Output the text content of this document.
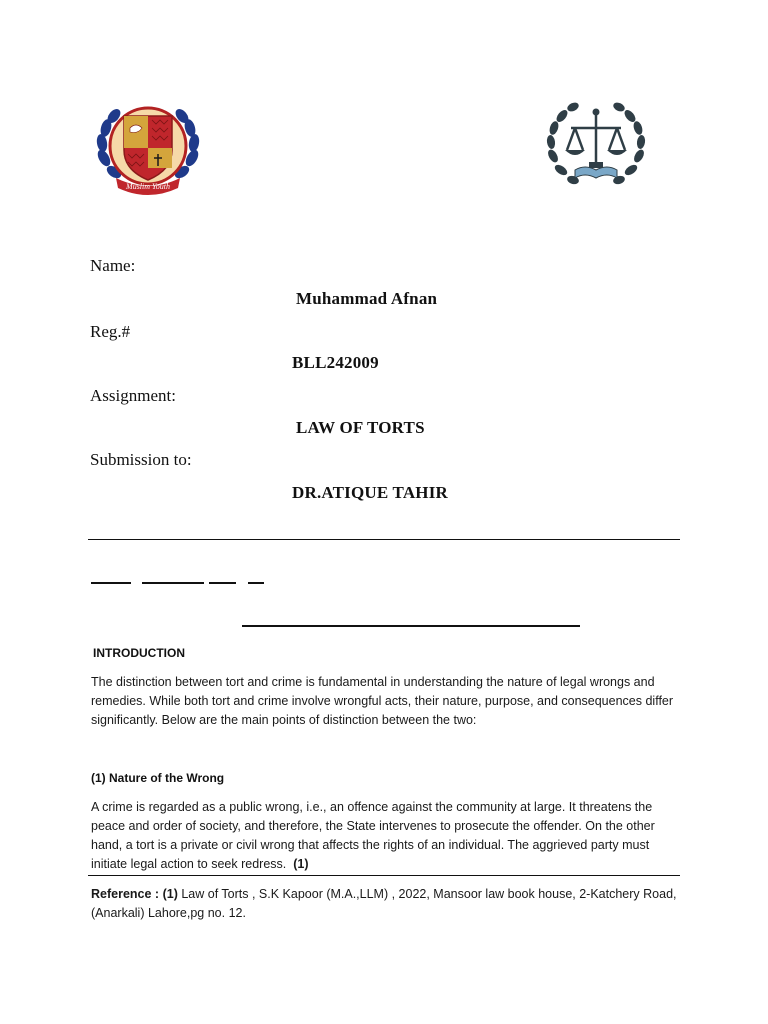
Muslim Youth
Name:
Muhammad Afnan
Reg.#
BLL242009
Assignment:
LAW OF TORTS
Submission to:
DR.ATIQUE TAHIR
INTRODUCTION
The distinction between tort and crime is fundamental in understanding the nature of legal wrongs and remedies. While both tort and crime involve wrongful acts, their nature, purpose, and consequences differ significantly. Below are the main points of distinction between the two:
(1) Nature of the Wrong
A crime is regarded as a public wrong, i.e., an offence against the community at large. It threatens the peace and order of society, and therefore, the State intervenes to prosecute the offender. On the other hand, a tort is a private or civil wrong that affects the rights of an individual. The aggrieved party must initiate legal action to seek redress. (1)
Reference : (1) Law of Torts , S.K Kapoor (M.A.,LLM) , 2022, Mansoor law book house, 2-Katchery Road,(Anarkali) Lahore,pg no. 12.
